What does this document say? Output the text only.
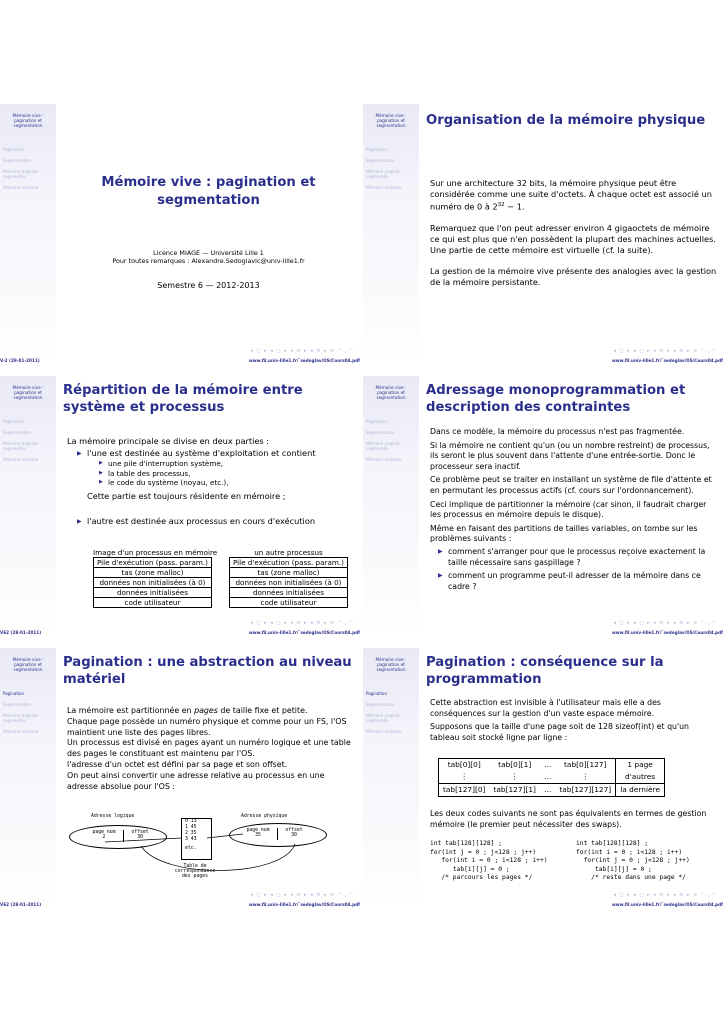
Mémoire vive : pagination et segmentation
Pagination
Segmentation
Mémoire paginée segmentée
Mémoire virtuelle	Mémoire vive : pagination et segmentation
Licence MIAGE — Université Lille 1
Pour toutes remarques : Alexandre.Sedoglavic@univ-lille1.fr
Semestre 6 — 2012-2013
◂ ◻ ▸ ◂ ◻ ▸ ◂ ≡ ▸ ◂ ≡ ▸ ≡ ◠◡◠
V-2 (28-01-2011)	www.fil.univ-lille1.fr/˜sedoglav/OS/Cours04.pdf
Mémoire vive : pagination et segmentation
Pagination
Segmentation
Mémoire paginée segmentée
Mémoire virtuelle
Organisation de la mémoire physique

Sur une architecture 32 bits, la mémoire physique peut être considérée comme une suite d'octets. À chaque octet est associé un numéro de 0 à $2^{32} - 1$.

Remarquez que l'on peut adresser environ 4 gigaoctets de mémoire ce qui est plus que n'en possèdent la plupart des machines actuelles. Une partie de cette mémoire est virtuelle (cf. la suite).

La gestion de la mémoire vive présente des analogies avec la gestion de la mémoire persistante.

◂ ◻ ▸ ◂ ◻ ▸ ◂ ≡ ▸ ◂ ≡ ▸ ≡ ◠◡◠
www.fil.univ-lille1.fr/˜sedoglav/OS/Cours04.pdf
Mémoire vive : pagination et segmentation
Pagination
Segmentation
Mémoire paginée segmentée
Mémoire virtuelle
Répartition de la mémoire entre système et processus

La mémoire principale se divise en deux parties :

▶ l'une est destinée au système d'exploitation et contient
▶ une pile d'interruption système,
▶ la table des processus,
▶ le code du système (noyau, etc.),

Cette partie est toujours résidente en mémoire ;

▶ l'autre est destinée aux processus en cours d'exécution
Image d'un processus en mémoire
Pile d'exécution (pass. param.)
tas (zone malloc)
données non initialisées (à 0)
données initialisées
code utilisateur
un autre processus
Pile d'exécution (pass. param.)
tas (zone malloc)
données non initialisées (à 0)
données initialisées
code utilisateur
◂ ◻ ▸ ◂ ◻ ▸ ◂ ≡ ▸ ◂ ≡ ▸ ≡ ◠◡◠
V62 (28-01-2011)	www.fil.univ-lille1.fr/˜sedoglav/OS/Cours04.pdf
Mémoire vive : pagination et segmentation
Pagination
Segmentation
Mémoire paginée segmentée
Mémoire virtuelle
Adressage monoprogrammation et description des contraintes

Dans ce modèle, la mémoire du processus n'est pas fragmentée.

Si la mémoire ne contient qu'un (ou un nombre restreint) de processus, ils seront le plus souvent dans l'attente d'une entrée-sortie. Donc le processeur sera inactif.

Ce problème peut se traiter en installant un système de file d'attente et en permutant les processus actifs (cf. cours sur l'ordonnancement).

Ceci implique de partitionner la mémoire (car sinon, il faudrait charger les processus en mémoire depuis le disque).

Même en faisant des partitions de tailles variables, on tombe sur les problèmes suivants :

▶ comment s'arranger pour que le processus reçoive exactement la taille nécessaire sans gaspillage ?
▶ comment un programme peut-il adresser de la mémoire dans ce cadre ?
◂ ◻ ▸ ◂ ◻ ▸ ◂ ≡ ▸ ◂ ≡ ▸ ≡ ◠◡◠
www.fil.univ-lille1.fr/˜sedoglav/OS/Cours04.pdf
Mémoire vive : pagination et segmentation
Pagination
Segmentation
Mémoire paginée segmentée
Mémoire virtuelle
Pagination : une abstraction au niveau matériel
La mémoire est partitionnée en pages de taille fixe et petite.
Chaque page possède un numéro physique et comme pour un FS, l'OS maintient une liste des pages libres.
Un processus est divisé en pages ayant un numéro logique et une table des pages le constituant est maintenu par l'OS.
l'adresse d'un octet est défini par sa page et son offset.
On peut ainsi convertir une adresse relative au processus en une adresse absolue pour l'OS :
Adresse logique
page num
2
offset
30
0 13
1 45
2 35
3 43
etc.
Table de correspondance des pages
Adresse physique
page num
35
offset
30
◂ ◻ ▸ ◂ ◻ ▸ ◂ ≡ ▸ ◂ ≡ ▸ ≡ ◠◡◠
V62 (28-01-2011)	www.fil.univ-lille1.fr/˜sedoglav/OS/Cours04.pdf
Mémoire vive : pagination et segmentation
Pagination
Segmentation
Mémoire paginée segmentée
Mémoire virtuelle
Pagination : conséquence sur la programmation

Cette abstraction est invisible à l'utilisateur mais elle a des conséquences sur la gestion d'un vaste espace mémoire.

Supposons que la taille d'une page soit de 128 sizeof(int) et qu'un tableau soit stocké ligne par ligne :

tab[0][0]	tab[0][1]	…	tab[0][127]	1 page
⋮	⋮	…	⋮	d'autres
tab[127][0]	tab[127][1]	…	tab[127][127]	la dernière

Les deux codes suivants ne sont pas équivalents en termes de gestion mémoire (le premier peut nécessiter des swaps).

int tab[128][128] ;
for(int j = 0 ; j<128 ; j++)
for(int i = 0 ; i<128 ; i++)
tab[i][j] = 0 ;
/* parcours les pages */
int tab[128][128] ;
for(int i = 0 ; i<128 ; i++)
for(int j = 0 ; j<128 ; j++)
tab[i][j] = 0 ;
/* reste dans une page */
◂ ◻ ▸ ◂ ◻ ▸ ◂ ≡ ▸ ◂ ≡ ▸ ≡ ◠◡◠
www.fil.univ-lille1.fr/˜sedoglav/OS/Cours04.pdf
